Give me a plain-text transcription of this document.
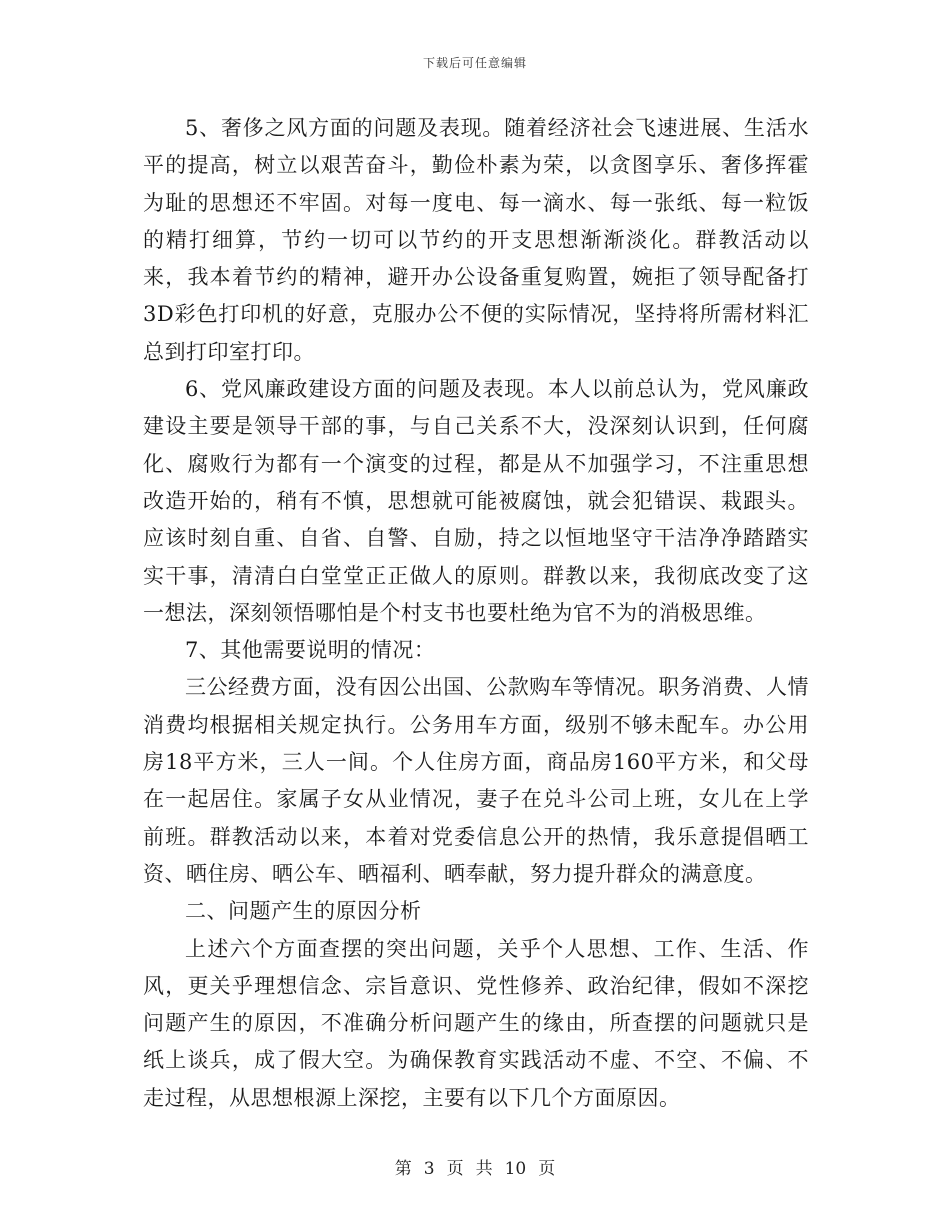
下载后可任意编辑

5、奢侈之风方面的问题及表现。随着经济社会飞速进展、生活水平的提高，树立以艰苦奋斗，勤俭朴素为荣，以贪图享乐、奢侈挥霍为耻的思想还不牢固。对每一度电、每一滴水、每一张纸、每一粒饭的精打细算，节约一切可以节约的开支思想渐渐淡化。群教活动以来，我本着节约的精神，避开办公设备重复购置，婉拒了领导配备打3D彩色打印机的好意，克服办公不便的实际情况，坚持将所需材料汇总到打印室打印。

6、党风廉政建设方面的问题及表现。本人以前总认为，党风廉政建设主要是领导干部的事，与自己关系不大，没深刻认识到，任何腐化、腐败行为都有一个演变的过程，都是从不加强学习，不注重思想改造开始的，稍有不慎，思想就可能被腐蚀，就会犯错误、栽跟头。应该时刻自重、自省、自警、自励，持之以恒地坚守干洁净净踏踏实实干事，清清白白堂堂正正做人的原则。群教以来，我彻底改变了这一想法，深刻领悟哪怕是个村支书也要杜绝为官不为的消极思维。

7、其他需要说明的情况：

三公经费方面，没有因公出国、公款购车等情况。职务消费、人情消费均根据相关规定执行。公务用车方面，级别不够未配车。办公用房18平方米，三人一间。个人住房方面，商品房160平方米，和父母在一起居住。家属子女从业情况，妻子在兑斗公司上班，女儿在上学前班。群教活动以来，本着对党委信息公开的热情，我乐意提倡晒工资、晒住房、晒公车、晒福利、晒奉献，努力提升群众的满意度。

二、问题产生的原因分析

上述六个方面查摆的突出问题，关乎个人思想、工作、生活、作风，更关乎理想信念、宗旨意识、党性修养、政治纪律，假如不深挖问题产生的原因，不准确分析问题产生的缘由，所查摆的问题就只是纸上谈兵，成了假大空。为确保教育实践活动不虚、不空、不偏、不走过程，从思想根源上深挖，主要有以下几个方面原因。

第 3 页 共 10 页
